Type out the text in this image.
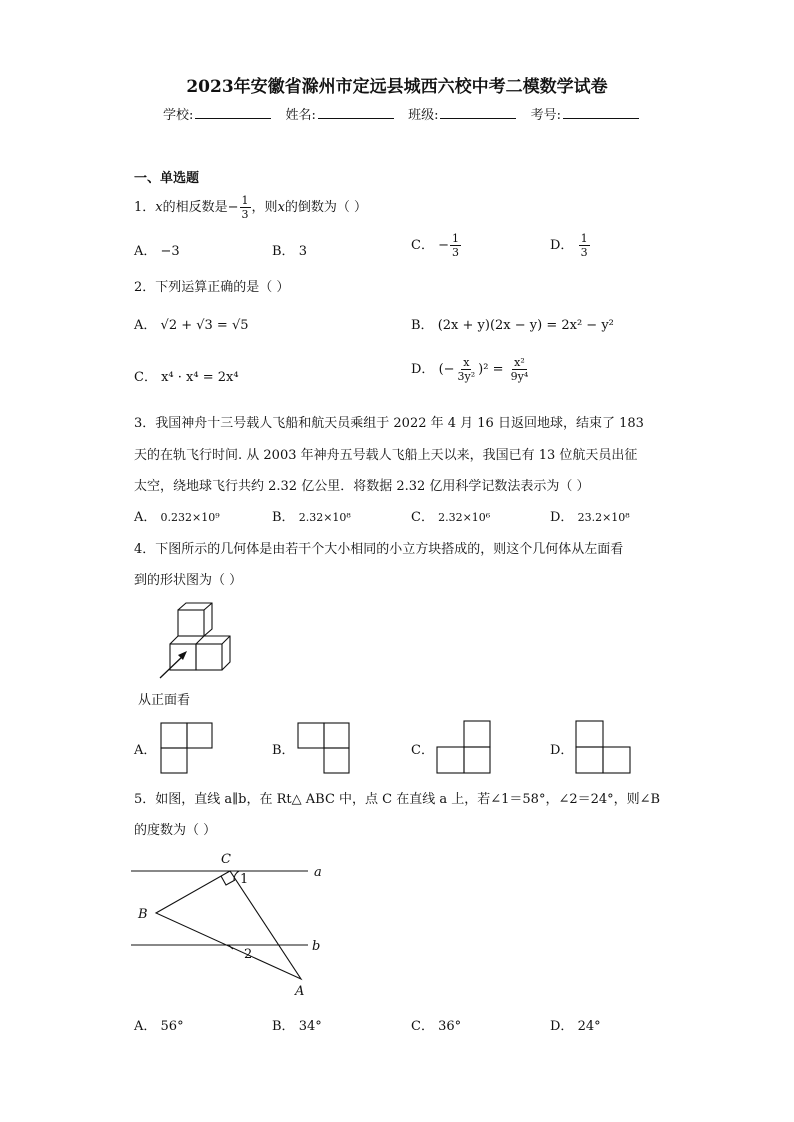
2023年安徽省滁州市定远县城西六校中考二模数学试卷
学校:	姓名:	班级:	考号:
一、单选题
1．x的相反数是− $\frac{1}{3}$ ，则x的倒数为（ ）
A． −3	B． 3	C． − $\frac{1}{3}$	D． $\frac{1}{3}$
2．下列运算正确的是（ ）
A． √2 + √3 = √5	B． (2x + y)(2x − y) = 2x² − y²
C． x⁴ · x⁴ = 2x⁴
D． (− $\frac{x}{\text{3y²}} )^2 = \frac{\text{x²}}{\text{9y⁴}}$
3．我国神舟十三号载人飞船和航天员乘组于 2022 年 4 月 16 日返回地球，结束了 183
天的在轨飞行时间. 从 2003 年神舟五号载人飞船上天以来，我国已有 13 位航天员出征
太空，绕地球飞行共约 2.32 亿公里．将数据 2.32 亿用科学记数法表示为（ ）
A． 0.232×10⁹	B． 2.32×10⁸	C． 2.32×10⁶	D． 23.2×10⁸
4．下图所示的几何体是由若干个大小相同的小立方块搭成的，则这个几何体从左面看
到的形状图为（ ）
从正面看
A．	B．	C．	D．
5．如图，直线 a∥b，在 Rt△ ABC 中，点 C 在直线 a 上，若∠1＝58°，∠2＝24°，则∠B
的度数为（ ）
C
B
A
a
b
1
2
A． 56°	B． 34°	C． 36°	D． 24°
